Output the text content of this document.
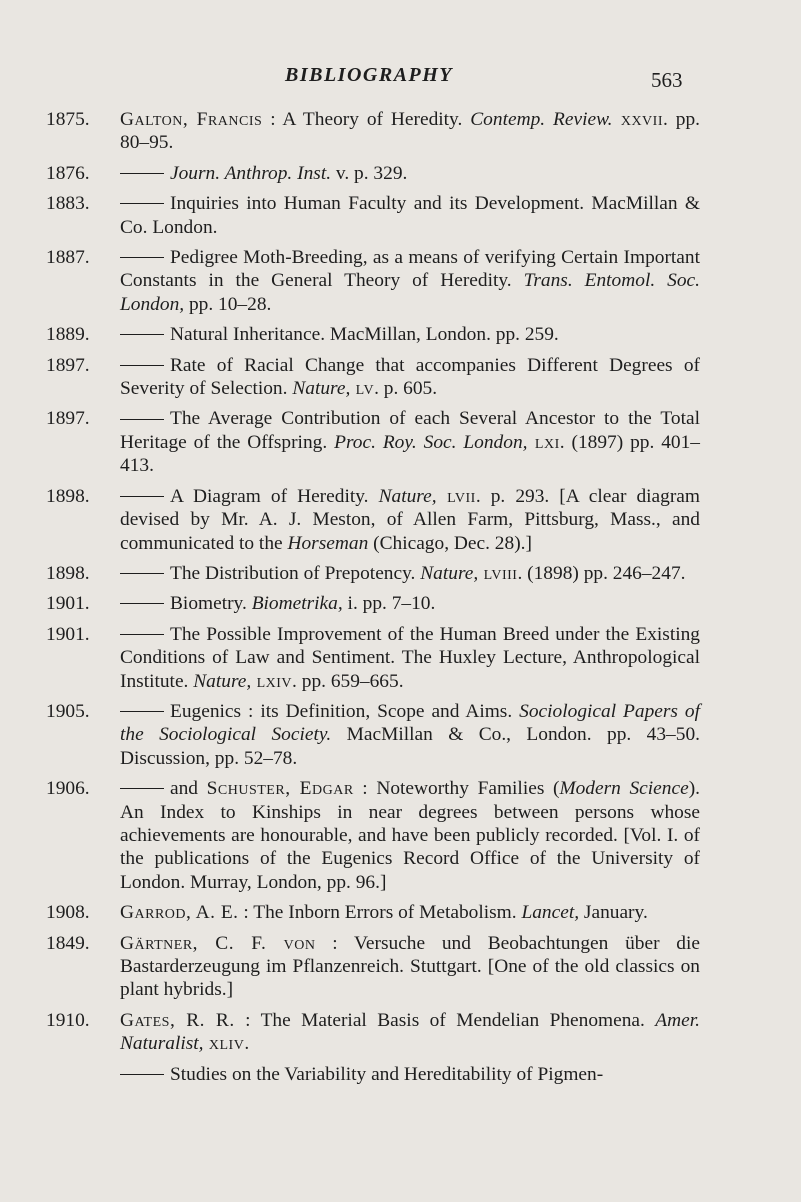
BIBLIOGRAPHY	563
1875.	Galton, Francis : A Theory of Heredity. Contemp. Review. xxvii. pp. 80–95.
1876.	Journ. Anthrop. Inst. v. p. 329.
1883.	Inquiries into Human Faculty and its Development. MacMillan & Co. London.
1887.	Pedigree Moth-Breeding, as a means of verifying Certain Important Constants in the General Theory of Heredity. Trans. Entomol. Soc. London, pp. 10–28.
1889.	Natural Inheritance. MacMillan, London. pp. 259.
1897.	Rate of Racial Change that accompanies Different Degrees of Severity of Selection. Nature, lv. p. 605.
1897.	The Average Contribution of each Several Ancestor to the Total Heritage of the Offspring. Proc. Roy. Soc. London, lxi. (1897) pp. 401–413.
1898.	A Diagram of Heredity. Nature, lvii. p. 293. [A clear diagram devised by Mr. A. J. Meston, of Allen Farm, Pittsburg, Mass., and communicated to the Horseman (Chicago, Dec. 28).]
1898.	The Distribution of Prepotency. Nature, lviii. (1898) pp. 246–247.
1901.	Biometry. Biometrika, i. pp. 7–10.
1901.	The Possible Improvement of the Human Breed under the Existing Conditions of Law and Sentiment. The Huxley Lecture, Anthropological Institute. Nature, lxiv. pp. 659–665.
1905.	Eugenics : its Definition, Scope and Aims. Sociological Papers of the Sociological Society. MacMillan & Co., London. pp. 43–50. Discussion, pp. 52–78.
1906.	and Schuster, Edgar : Noteworthy Families (Modern Science). An Index to Kinships in near degrees between persons whose achievements are honourable, and have been publicly recorded. [Vol. I. of the publications of the Eugenics Record Office of the University of London. Murray, London, pp. 96.]
1908.	Garrod, A. E. : The Inborn Errors of Metabolism. Lancet, January.
1849.	Gärtner, C. F. von : Versuche und Beobachtungen über die Bastarderzeugung im Pflanzenreich. Stuttgart. [One of the old classics on plant hybrids.]
1910.	Gates, R. R. : The Material Basis of Mendelian Phenomena. Amer. Naturalist, xliv.
Studies on the Variability and Hereditability of Pigmen-
